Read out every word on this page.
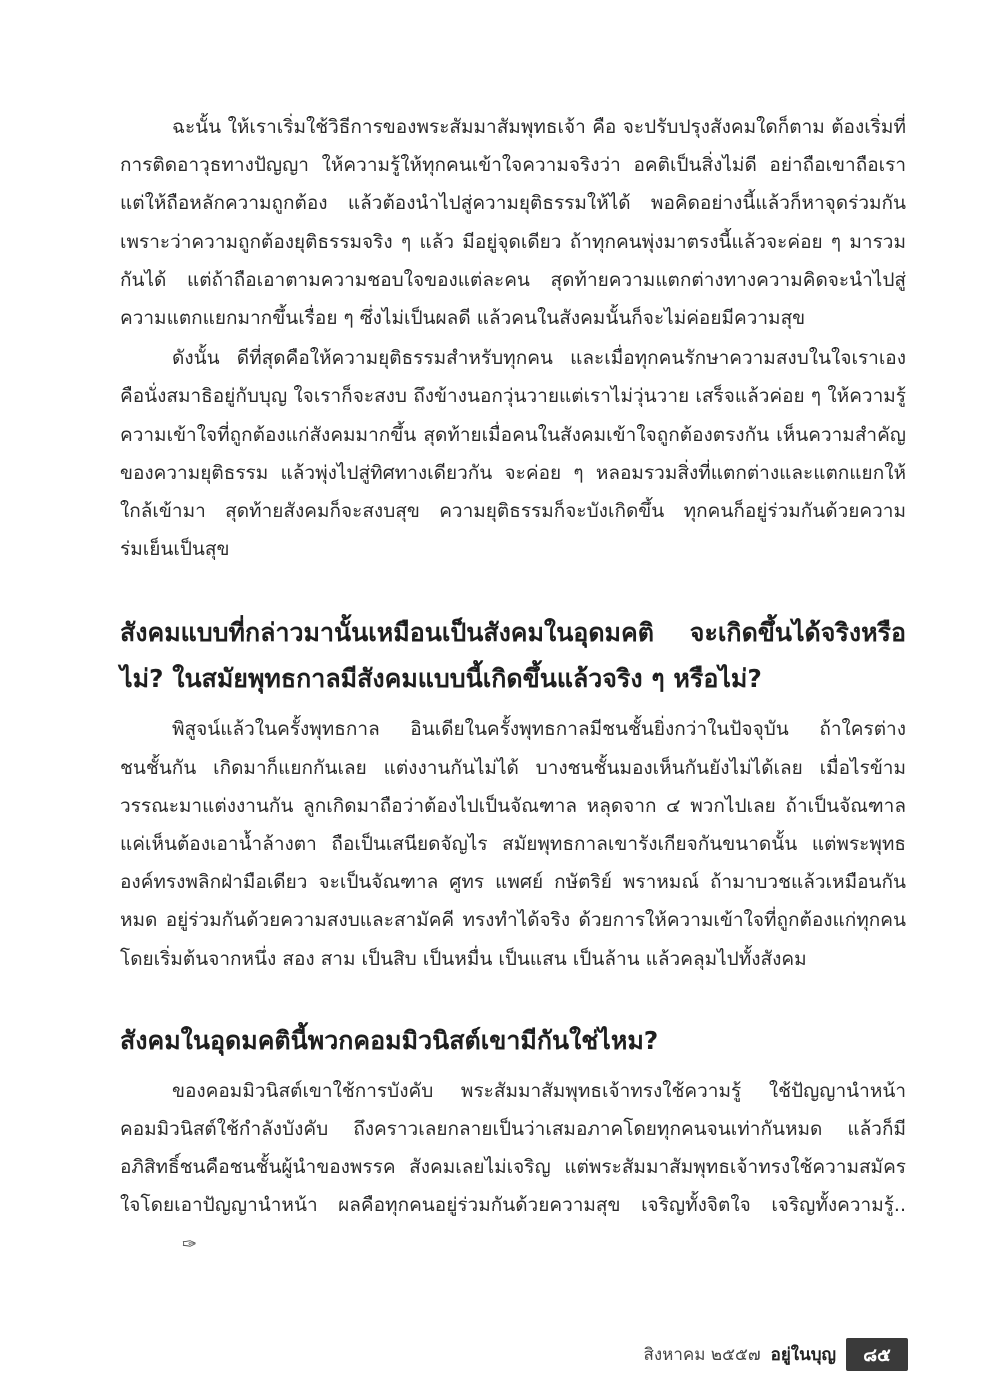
ฉะนั้น ให้เราเริ่มใช้วิธีการของพระสัมมาสัมพุทธเจ้า คือ จะปรับปรุงสังคมใดก็ตาม ต้องเริ่มที่การติดอาวุธทางปัญญา ให้ความรู้ให้ทุกคนเข้าใจความจริงว่า อคติเป็นสิ่งไม่ดี อย่าถือเขาถือเรา แต่ให้ถือหลักความถูกต้อง แล้วต้องนำไปสู่ความยุติธรรมให้ได้ พอคิดอย่างนี้แล้วก็หาจุดร่วมกัน เพราะว่าความถูกต้องยุติธรรมจริง ๆ แล้ว มีอยู่จุดเดียว ถ้าทุกคนพุ่งมาตรงนี้แล้วจะค่อย ๆ มารวมกันได้ แต่ถ้าถือเอาตามความชอบใจของแต่ละคน สุดท้ายความแตกต่างทางความคิดจะนำไปสู่ความแตกแยกมากขึ้นเรื่อย ๆ ซึ่งไม่เป็นผลดี แล้วคนในสังคมนั้นก็จะไม่ค่อยมีความสุข

ดังนั้น ดีที่สุดคือให้ความยุติธรรมสำหรับทุกคน และเมื่อทุกคนรักษาความสงบในใจเราเองคือนั่งสมาธิอยู่กับบุญ ใจเราก็จะสงบ ถึงข้างนอกวุ่นวายแต่เราไม่วุ่นวาย เสร็จแล้วค่อย ๆ ให้ความรู้ความเข้าใจที่ถูกต้องแก่สังคมมากขึ้น สุดท้ายเมื่อคนในสังคมเข้าใจถูกต้องตรงกัน เห็นความสำคัญของความยุติธรรม แล้วพุ่งไปสู่ทิศทางเดียวกัน จะค่อย ๆ หลอมรวมสิ่งที่แตกต่างและแตกแยกให้ใกล้เข้ามา สุดท้ายสังคมก็จะสงบสุข ความยุติธรรมก็จะบังเกิดขึ้น ทุกคนก็อยู่ร่วมกันด้วยความร่มเย็นเป็นสุข

สังคมแบบที่กล่าวมานั้นเหมือนเป็นสังคมในอุดมคติ จะเกิดขึ้นได้จริงหรือไม่? ในสมัยพุทธกาลมีสังคมแบบนี้เกิดขึ้นแล้วจริง ๆ หรือไม่?

พิสูจน์แล้วในครั้งพุทธกาล อินเดียในครั้งพุทธกาลมีชนชั้นยิ่งกว่าในปัจจุบัน ถ้าใครต่างชนชั้นกัน เกิดมาก็แยกกันเลย แต่งงานกันไม่ได้ บางชนชั้นมองเห็นกันยังไม่ได้เลย เมื่อไรข้ามวรรณะมาแต่งงานกัน ลูกเกิดมาถือว่าต้องไปเป็นจัณฑาล หลุดจาก ๔ พวกไปเลย ถ้าเป็นจัณฑาลแค่เห็นต้องเอาน้ำล้างตา ถือเป็นเสนียดจัญไร สมัยพุทธกาลเขารังเกียจกันขนาดนั้น แต่พระพุทธองค์ทรงพลิกฝ่ามือเดียว จะเป็นจัณฑาล ศูทร แพศย์ กษัตริย์ พราหมณ์ ถ้ามาบวชแล้วเหมือนกันหมด อยู่ร่วมกันด้วยความสงบและสามัคคี ทรงทำได้จริง ด้วยการให้ความเข้าใจที่ถูกต้องแก่ทุกคนโดยเริ่มต้นจากหนึ่ง สอง สาม เป็นสิบ เป็นหมื่น เป็นแสน เป็นล้าน แล้วคลุมไปทั้งสังคม

สังคมในอุดมคตินี้พวกคอมมิวนิสต์เขามีกันใช่ไหม?

ของคอมมิวนิสต์เขาใช้การบังคับ พระสัมมาสัมพุทธเจ้าทรงใช้ความรู้ ใช้ปัญญานำหน้า คอมมิวนิสต์ใช้กำลังบังคับ ถึงคราวเลยกลายเป็นว่าเสมอภาคโดยทุกคนจนเท่ากันหมด แล้วก็มีอภิสิทธิ์ชนคือชนชั้นผู้นำของพรรค สังคมเลยไม่เจริญ แต่พระสัมมาสัมพุทธเจ้าทรงใช้ความสมัครใจโดยเอาปัญญานำหน้า ผลคือทุกคนอยู่ร่วมกันด้วยความสุข เจริญทั้งจิตใจ เจริญทั้งความรู้..✑

สิงหาคม ๒๕๕๗ อยู่ในบุญ	๘๕
